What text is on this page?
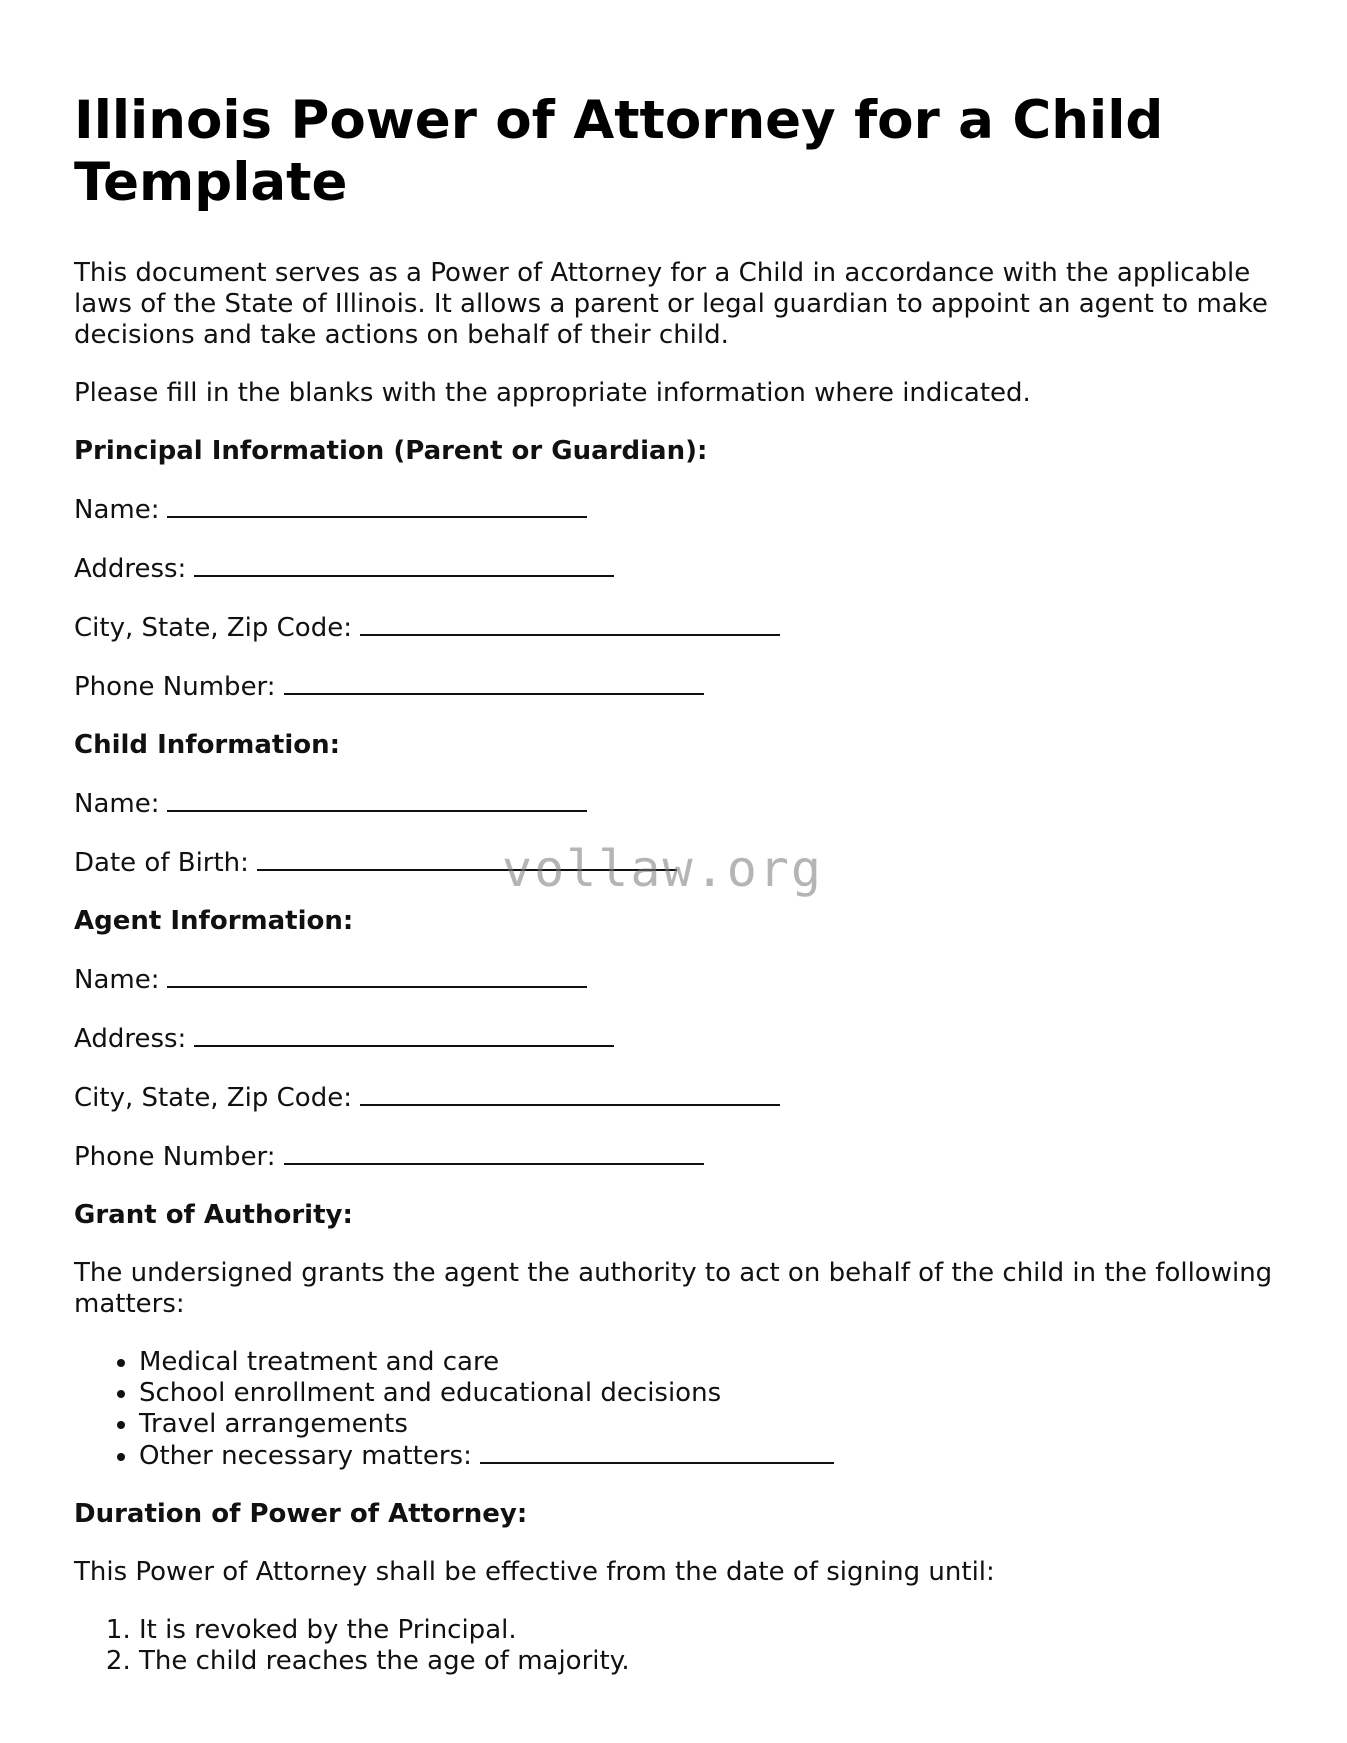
Illinois Power of Attorney for a Child Template

This document serves as a Power of Attorney for a Child in accordance with the applicable laws of the State of Illinois. It allows a parent or legal guardian to appoint an agent to make decisions and take actions on behalf of their child.

Please fill in the blanks with the appropriate information where indicated.

Principal Information (Parent or Guardian):

Name:

Address:

City, State, Zip Code:

Phone Number:

Child Information:

Name:

Date of Birth:

Agent Information:

Name:

Address:

City, State, Zip Code:

Phone Number:

Grant of Authority:

The undersigned grants the agent the authority to act on behalf of the child in the following matters:

• Medical treatment and care
• School enrollment and educational decisions
• Travel arrangements
• Other necessary matters:

Duration of Power of Attorney:

This Power of Attorney shall be effective from the date of signing until:

1. It is revoked by the Principal.
2. The child reaches the age of majority.
vollaw.org
